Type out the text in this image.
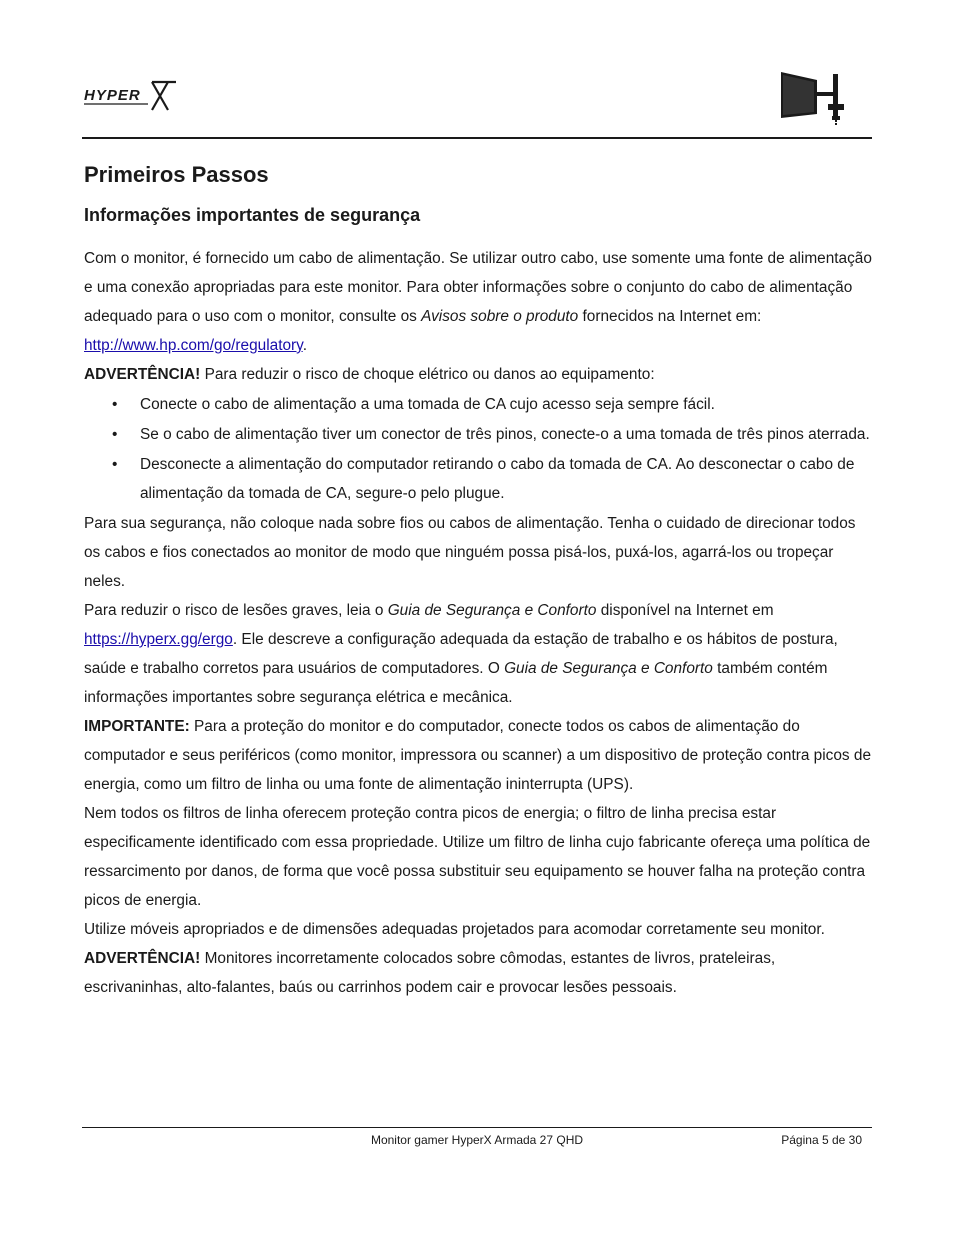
HYPER
Primeiros Passos
Informações importantes de segurança

Com o monitor, é fornecido um cabo de alimentação. Se utilizar outro cabo, use somente uma fonte de alimentação e uma conexão apropriadas para este monitor. Para obter informações sobre o conjunto do cabo de alimentação adequado para o uso com o monitor, consulte os Avisos sobre o produto fornecidos na Internet em: http://www.hp.com/go/regulatory.

ADVERTÊNCIA! Para reduzir o risco de choque elétrico ou danos ao equipamento:

• Conecte o cabo de alimentação a uma tomada de CA cujo acesso seja sempre fácil.
• Se o cabo de alimentação tiver um conector de três pinos, conecte-o a uma tomada de três pinos aterrada.
• Desconecte a alimentação do computador retirando o cabo da tomada de CA. Ao desconectar o cabo de alimentação da tomada de CA, segure-o pelo plugue.

Para sua segurança, não coloque nada sobre fios ou cabos de alimentação. Tenha o cuidado de direcionar todos os cabos e fios conectados ao monitor de modo que ninguém possa pisá-los, puxá-los, agarrá-los ou tropeçar neles.

Para reduzir o risco de lesões graves, leia o Guia de Segurança e Conforto disponível na Internet em https://hyperx.gg/ergo. Ele descreve a configuração adequada da estação de trabalho e os hábitos de postura, saúde e trabalho corretos para usuários de computadores. O Guia de Segurança e Conforto também contém informações importantes sobre segurança elétrica e mecânica.

IMPORTANTE: Para a proteção do monitor e do computador, conecte todos os cabos de alimentação do computador e seus periféricos (como monitor, impressora ou scanner) a um dispositivo de proteção contra picos de energia, como um filtro de linha ou uma fonte de alimentação ininterrupta (UPS).

Nem todos os filtros de linha oferecem proteção contra picos de energia; o filtro de linha precisa estar especificamente identificado com essa propriedade. Utilize um filtro de linha cujo fabricante ofereça uma política de ressarcimento por danos, de forma que você possa substituir seu equipamento se houver falha na proteção contra picos de energia.

Utilize móveis apropriados e de dimensões adequadas projetados para acomodar corretamente seu monitor.

ADVERTÊNCIA! Monitores incorretamente colocados sobre cômodas, estantes de livros, prateleiras, escrivaninhas, alto-falantes, baús ou carrinhos podem cair e provocar lesões pessoais.

Monitor gamer HyperX Armada 27 QHD	Página 5 de 30
